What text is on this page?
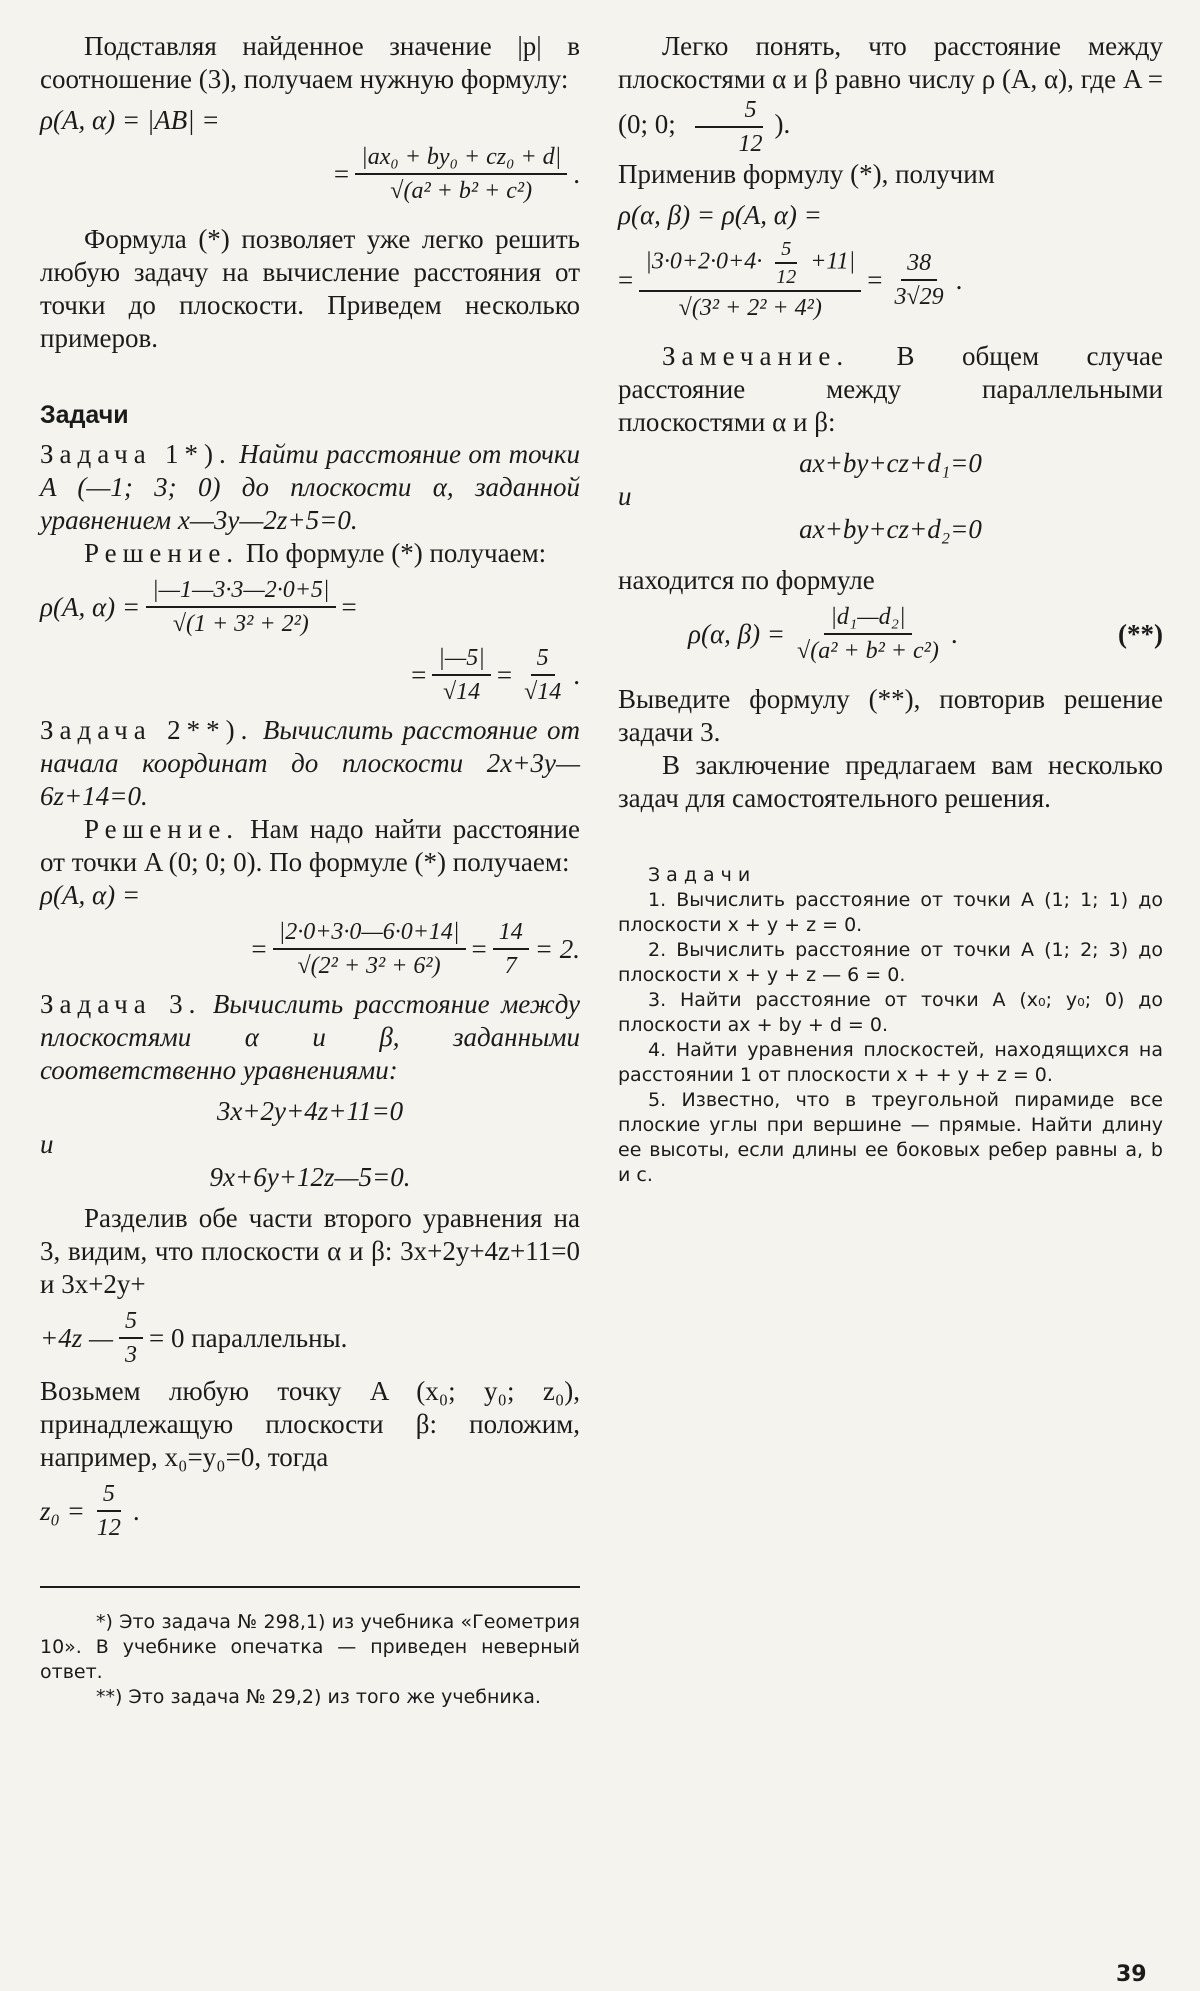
Подставляя найденное значение |p| в соотношение (3), получаем нужную формулу:

ρ(A, α) = |AB| =
= $\frac{\text{|ax₀ + by₀ + cz₀ + d|}}{\text{√(a² + b² + c²)}}$ .

Формула (*) позволяет уже легко решить любую задачу на вычисление расстояния от точки до плоскости. Приведем несколько примеров.

Задачи

Задача 1*). Найти расстояние от точки A (—1; 3; 0) до плоскости α, заданной уравнением x—3y—2z+5=0.

Решение. По формуле (*) получаем:

ρ(A, $\alpha) = \frac{|—1—3\cdot 3—2\cdot 0+5|}{\text{√(1 + 3² + 2²)}}$ =
= $\frac{|—5|}{√14} = \frac{5}{√14}$ .

Задача 2**). Вычислить расстояние от начала координат до плоскости 2x+3y—6z+14=0.

Решение. Нам надо найти расстояние от точки A (0; 0; 0). По формуле (*) получаем:

ρ(A, α) =
= $\frac{|2\cdot 0+3\cdot 0—6\cdot 0+14|}{\text{√(2² + 3² + 6²)}} = \frac{14}{7} = 2$.

Задача 3. Вычислить расстояние между плоскостями α и β, заданными соответственно уравнениями:

3x+2y+4z+11=0
и
9x+6y+12z—5=0.

Разделив обе части второго уравнения на 3, видим, что плоскости α и β: 3x+2y+4z+11=0 и 3x+2y+

+4z — $\frac{5}{3} = 0$ параллельны.

Возьмем любую точку A (x₀; y₀; z₀), принадлежащую плоскости β: положим, например, x₀=y₀=0, тогда

$z_0 = \frac{5}{12}$ .
*) Это задача № 298,1) из учебника «Геометрия 10». В учебнике опечатка — приведен неверный ответ.
**) Это задача № 29,2) из того же учебника.

Легко понять, что расстояние между плоскостями α и β равно числу ρ (A, α), где A = (0; 0; $\frac{5}{12}$ ).

Применив формулу (*), получим

ρ(α, β) = ρ(A, α) =
=
$|3\cdot 0+2\cdot 0+4\cdot \frac{5}{12} +11|$
√(3² + 2² + 4²)
= $\frac{38}{3√29}$ .

Замечание. В общем случае расстояние между параллельными плоскостями α и β:

ax+by+cz+d₁=0
и
ax+by+cz+d₂=0

находится по формуле

ρ(α, $\beta) = \frac{\text{|d₁—d₂|}}{\text{√(a² + b² + c²)}}$ .	(**)

Выведите формулу (**), повторив решение задачи 3.

В заключение предлагаем вам несколько задач для самостоятельного решения.

Задачи
1. Вычислить расстояние от точки A (1; 1; 1) до плоскости x + y + z = 0.
2. Вычислить расстояние от точки A (1; 2; 3) до плоскости x + y + z — 6 = 0.
3. Найти расстояние от точки A (x₀; y₀; 0) до плоскости ax + by + d = 0.
4. Найти уравнения плоскостей, находящихся на расстоянии 1 от плоскости x + + y + z = 0.
5. Известно, что в треугольной пирамиде все плоские углы при вершине — прямые. Найти длину ее высоты, если длины ее боковых ребер равны a, b и c.
39
